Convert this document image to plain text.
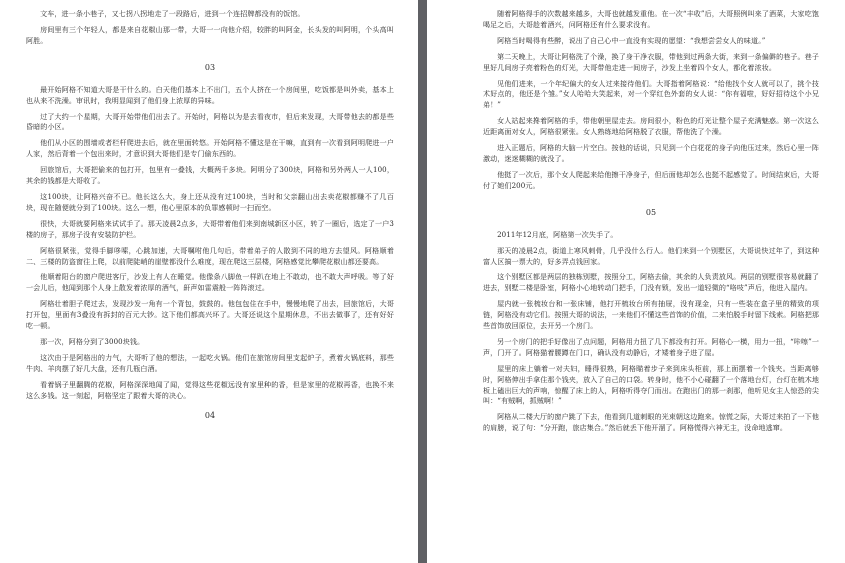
文车，进一条小巷子，又七拐八拐地走了一段路后，进到一个连招牌都没有的饭馆。

房间里有三个年轻人，都是来自花椒山那一带，大哥一一向他介绍，较胖的叫阿金，长头发的叫阿明，个头高叫阿胜。

03

最开始阿格不知道大哥是干什么的。白天他们基本上不出门，五个人挤在一个房间里，吃饭都是叫外卖，基本上也从来不洗澡。审讯时，我明显闻到了他们身上浓厚的异味。

过了大约一个星期，大哥开始带他们出去了。开始时，阿格以为是去看夜市，但后来发现，大哥带他去的都是些昏暗的小区。

他们从小区的围墙或者栏杆爬进去后，就在里面转悠。开始阿格不懂这是在干嘛，直到有一次看到阿明爬进一户人家，然后背着一个包出来时，才意识到大哥他们是专门偷东西的。

回旅馆后，大哥把偷来的包打开，包里有一叠钱，大概两千多块。阿明分了300块，阿格和另外两人一人100，其余的钱都是大哥收了。

这100块，让阿格兴奋不已。他长这么大，身上还从没有过100块，当时和父亲翻山出去卖花椒都赚不了几百块，现在随便就分到了100块。这么一想，他心里原本的负罪感顿时一扫而空。

很快，大哥就要阿格来试试手了。那天凌晨2点多，大哥带着他们来到南城新区小区，转了一圈后，选定了一户3楼的房子，那房子没有安装防护栏。

阿格很紧张，觉得手脚哆嗦，心跳加速，大哥嘱咐他几句后，带着弟子的人散到不同的地方去望风。阿格顺着二、三楼的防盗窗往上爬，以前爬陡峭的崖壁都没什么难度，现在爬这三层楼，阿格感觉比攀爬花椒山都还要高。

他顺着阳台的窗户爬进客厅，沙发上有人在睡觉。他像条八脚鱼一样趴在地上不敢动，也不敢大声呼吸。等了好一会儿后，他闻到那个人身上散发着浓厚的酒气，鼾声如雷震般一阵阵滚过。

阿格壮着胆子爬过去，发现沙发一角有一个背包，鼓鼓的。他包包住在手中，慢慢地爬了出去，回旅馆后，大哥打开包，里面有3叠没有拆封的百元大钞。这下他们都高兴坏了。大哥还说这个星期休息，不出去做事了，还有好好吃一顿。

那一次，阿格分到了3000块钱。

这次由于是阿格出的力气，大哥听了他的想法，一起吃火锅。他们在旅馆房间里支起炉子，煮着火锅底料，那些牛肉、羊肉摆了好几大盘，还有几瓶白酒。

看着锅子里翻腾的花椒，阿格深深地闻了闻，觉得这些花椒远没有家里种的香，但是家里的花椒再香，也换不来这么多钱。这一刻起，阿格坚定了跟着大哥的决心。

04

随着阿格得手的次数越来越多，大哥也就越发重他。在一次“丰收”后，大哥照例叫来了酒菜，大家吃饱喝足之后，大哥趁着酒兴，问阿格还有什么要求没有。

阿格当时喝得有些醉，说出了自己心中一直没有实现的愿望：“我想尝尝女人的味道。”

第二天晚上，大哥让阿格洗了个澡，换了身干净衣服，带他到过两条大街，来到一条偏僻的巷子。巷子里好几间房子亮着粉色的灯光，大哥带他走进一间房子，沙发上坐着四个女人，都化着浓妆。

见他们进来，一个年纪偏大的女人过来接待他们。大哥指着阿格说：“给他找个女人就可以了，挑个技术好点的，他还是个雏。”女人哈哈大笑起来，对一个穿红色外套的女人说：“你有福啦，好好招待这个小兄弟！”

女人站起来搀着阿格的手，带他朝里屋走去。房间很小，粉色的灯光让整个屋子充满魅惑。第一次这么近距离面对女人，阿格很紧张。女人熟练地给阿格脱了衣服，帮他洗了个澡。

进入正题后，阿格的大脑一片空白。按他的话说，只见到一个白花花的身子向他压过来，然后心里一阵激动，迷迷糊糊的就没了。

他挺了一次后，那个女人爬起来给他擦干净身子，但后面他却怎么也挺不起感觉了。时间结束后，大哥付了她们200元。

05

2011年12月底，阿格第一次失手了。

那天的凌晨2点，街道上寒风刺骨，几乎没什么行人。他们来到一个别墅区，大哥说快过年了，到这种富人区搞一票大的，好多弄点钱回家。

这个别墅区都是两层的独栋别墅，按照分工，阿格去偷，其余的人负责放风。两层的别墅很容易就翻了进去，别墅二楼是卧室，阿格小心地转动门把手，门没有锁，发出一道轻微的“咯吱”声后，他进入屋内。

屋内就一张梳妆台和一张床铺，他打开梳妆台所有抽屉，没有现金，只有一些装在盒子里的精致的项链，阿格没有动它们。按照大哥的说法，一来他们不懂这些首饰的价值，二来怕脱手时留下线索。阿格把那些首饰放回原位，去开另一个房门。

另一个房门的把手好像出了点问题，阿格用力扭了几下都没有打开。阿格心一横，用力一扭，“咔嚓”一声，门开了。阿格猫着腰蹲在门口，确认没有动静后，才矮着身子进了屋。

屋里的床上躺着一对夫妇，睡得很熟，阿格瞄着步子来到床头柜前，那上面摆着一个钱夹。当距离够时，阿格伸出手拿住那个钱夹，放入了自己的口袋。转身时，他不小心碰翻了一个落地台灯，台灯在梳木地板上磕出巨大的声响，惊醒了床上的人，阿格听得夺门而出。在跑出门的那一刹那，他听见女主人惊恐的尖叫：“有贼啊，抓贼啊！”

阿格从二楼大厅的窗户跳了下去，他看到几道刺眼的光束朝这边跑来。惊慌之际，大哥过来拍了一下他的肩膀，说了句：“分开跑，旅店集合。”然后就丢下他开溜了。阿格慌得六神无主，没命地逃窜。
